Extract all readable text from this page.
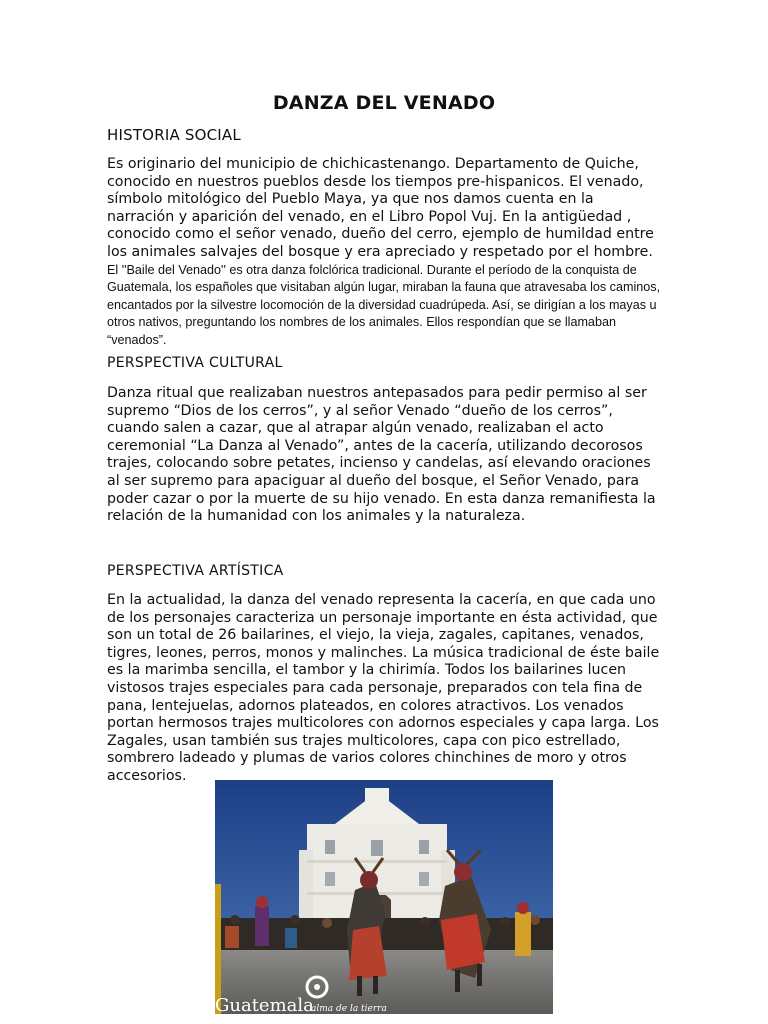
DANZA DEL VENADO
HISTORIA SOCIAL

Es originario del municipio de chichicastenango. Departamento de Quiche, conocido en nuestros pueblos desde los tiempos pre-hispanicos. El venado, símbolo mitológico del Pueblo Maya, ya que nos damos cuenta en la narración y aparición del venado, en el Libro Popol Vuj. En la antigüedad , conocido como el señor venado, dueño del cerro, ejemplo de humildad entre los animales salvajes del bosque y era apreciado y respetado por el hombre. El ''Baile del Venado'' es otra danza folclórica tradicional. Durante el período de la conquista de Guatemala, los españoles que visitaban algún lugar, miraban la fauna que atravesaba los caminos, encantados por la silvestre locomoción de la diversidad cuadrúpeda. Así, se dirigían a los mayas u otros nativos, preguntando los nombres de los animales. Ellos respondían que se llamaban “venados”.

PERSPECTIVA CULTURAL

Danza ritual que realizaban nuestros antepasados para pedir permiso al ser supremo “Dios de los cerros”, y al señor Venado “dueño de los cerros”, cuando salen a cazar, que al atrapar algún venado, realizaban el acto ceremonial “La Danza al Venado”, antes de la cacería, utilizando decorosos trajes, colocando sobre petates, incienso y candelas, así elevando oraciones al ser supremo para apaciguar al dueño del bosque, el Señor Venado, para poder cazar o por la muerte de su hijo venado. En esta danza remanifiesta la relación de la humanidad con los animales y la naturaleza.

PERSPECTIVA ARTÍSTICA

En la actualidad, la danza del venado representa la cacería, en que cada uno de los personajes caracteriza un personaje importante en ésta actividad, que son un total de 26 bailarines, el viejo, la vieja, zagales, capitanes, venados, tigres, leones, perros, monos y malinches. La música tradicional de éste baile es la marimba sencilla, el tambor y la chirimía. Todos los bailarines lucen vistosos trajes especiales para cada personaje, preparados con tela fina de pana, lentejuelas, adornos plateados, en colores atractivos. Los venados portan hermosos trajes multicolores con adornos especiales y capa larga. Los Zagales, usan también sus trajes multicolores, capa con pico estrellado, sombrero ladeado y plumas de varios colores chinchines de moro y otros accesorios.

Guatemala
alma de la tierra
